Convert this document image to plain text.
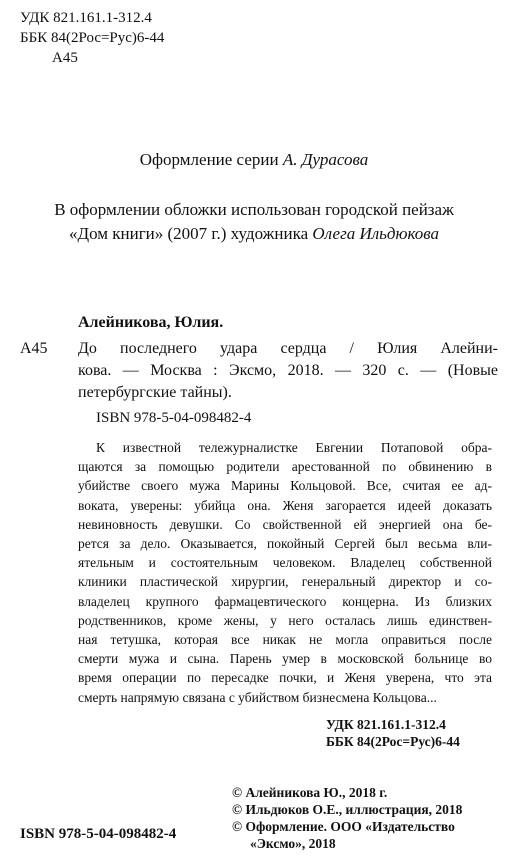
УДК 821.161.1-312.4
ББК 84(2Рос=Рус)6-44
А45
Оформление серии А. Дурасова
В оформлении обложки использован городской пейзаж
«Дом книги» (2007 г.) художника Олега Ильдюкова
Алейникова, Юлия.
А45 До последнего удара сердца / Юлия Алейни-
кова. — Москва : Эксмо, 2018. — 320 с. — (Новые
петербургские тайны).
ISBN 978-5-04-098482-4
К известной тележурналистке Евгении Потаповой обра-
щаются за помощью родители арестованной по обвинению в
убийстве своего мужа Марины Кольцовой. Все, считая ее ад-
воката, уверены: убийца она. Женя загорается идеей доказать
невиновность девушки. Со свойственной ей энергией она бе-
рется за дело. Оказывается, покойный Сергей был весьма вли-
ятельным и состоятельным человеком. Владелец собственной
клиники пластической хирургии, генеральный директор и со-
владелец крупного фармацевтического концерна. Из близких
родственников, кроме жены, у него осталась лишь единствен-
ная тетушка, которая все никак не могла оправиться после
смерти мужа и сына. Парень умер в московской больнице во
время операции по пересадке почки, и Женя уверена, что эта
смерть напрямую связана с убийством бизнесмена Кольцова...
УДК 821.161.1-312.4
ББК 84(2Рос=Рус)6-44
© Алейникова Ю., 2018 г.
© Ильдюков О.Е., иллюстрация, 2018
© Оформление. ООО «Издательство
«Эксмо», 2018
ISBN 978-5-04-098482-4
